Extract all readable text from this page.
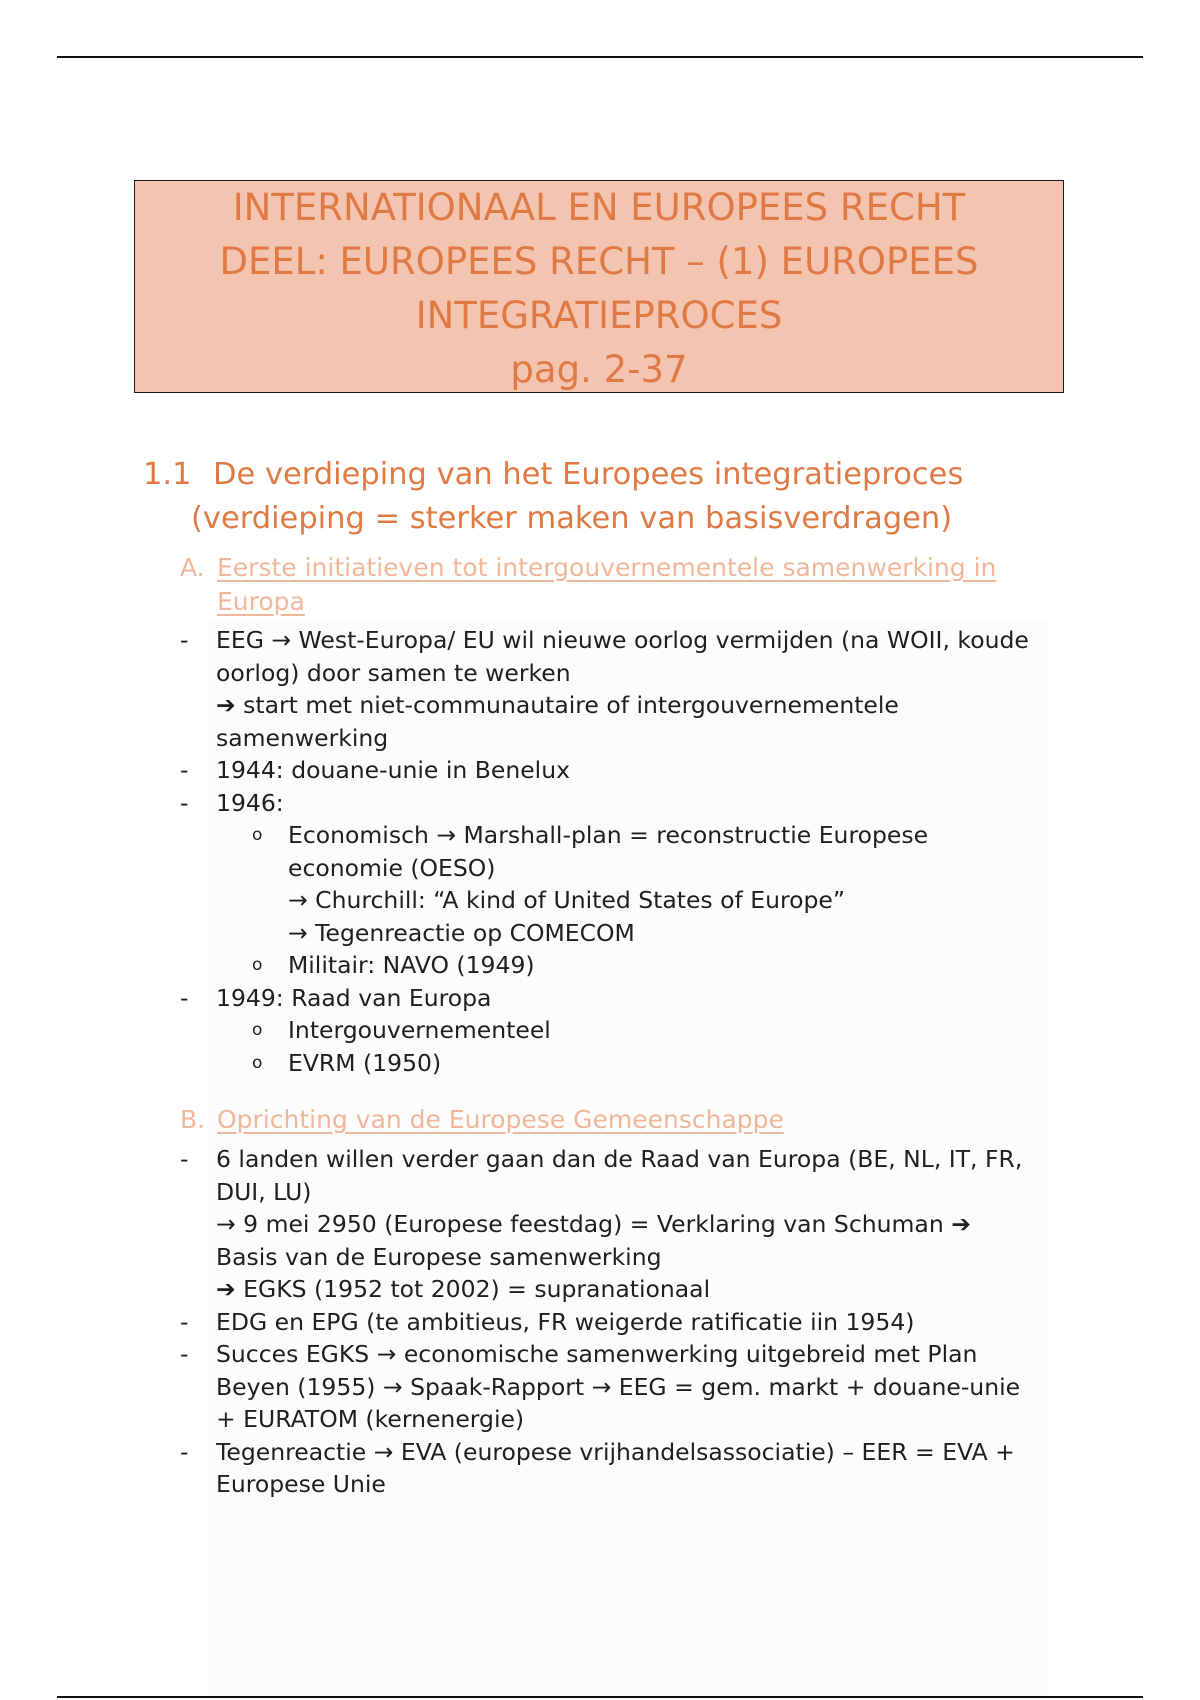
INTERNATIONAAL EN EUROPEES RECHT
DEEL: EUROPEES RECHT – (1) EUROPEES
INTEGRATIEPROCES
pag. 2-37
1.1 De verdieping van het Europees integratieproces
(verdieping = sterker maken van basisverdragen)
A. Eerste initiatieven tot intergouvernementele samenwerking in Europa
- EEG → West-Europa/ EU wil nieuwe oorlog vermijden (na WOII, koude
oorlog) door samen te werken
➔ start met niet-communautaire of intergouvernementele
samenwerking
- 1944: douane-unie in Benelux
- 1946:
o Economisch → Marshall-plan = reconstructie Europese
economie (OESO)
→ Churchill: “A kind of United States of Europe”
→ Tegenreactie op COMECOM
o Militair: NAVO (1949)
- 1949: Raad van Europa
o Intergouvernementeel
o EVRM (1950)
B. Oprichting van de Europese Gemeenschappe
- 6 landen willen verder gaan dan de Raad van Europa (BE, NL, IT, FR,
DUI, LU)
→ 9 mei 2950 (Europese feestdag) = Verklaring van Schuman ➔
Basis van de Europese samenwerking
➔ EGKS (1952 tot 2002) = supranationaal
- EDG en EPG (te ambitieus, FR weigerde ratificatie iin 1954)
- Succes EGKS → economische samenwerking uitgebreid met Plan
Beyen (1955) → Spaak-Rapport → EEG = gem. markt + douane-unie
+ EURATOM (kernenergie)
- Tegenreactie → EVA (europese vrijhandelsassociatie) – EER = EVA +
Europese Unie
